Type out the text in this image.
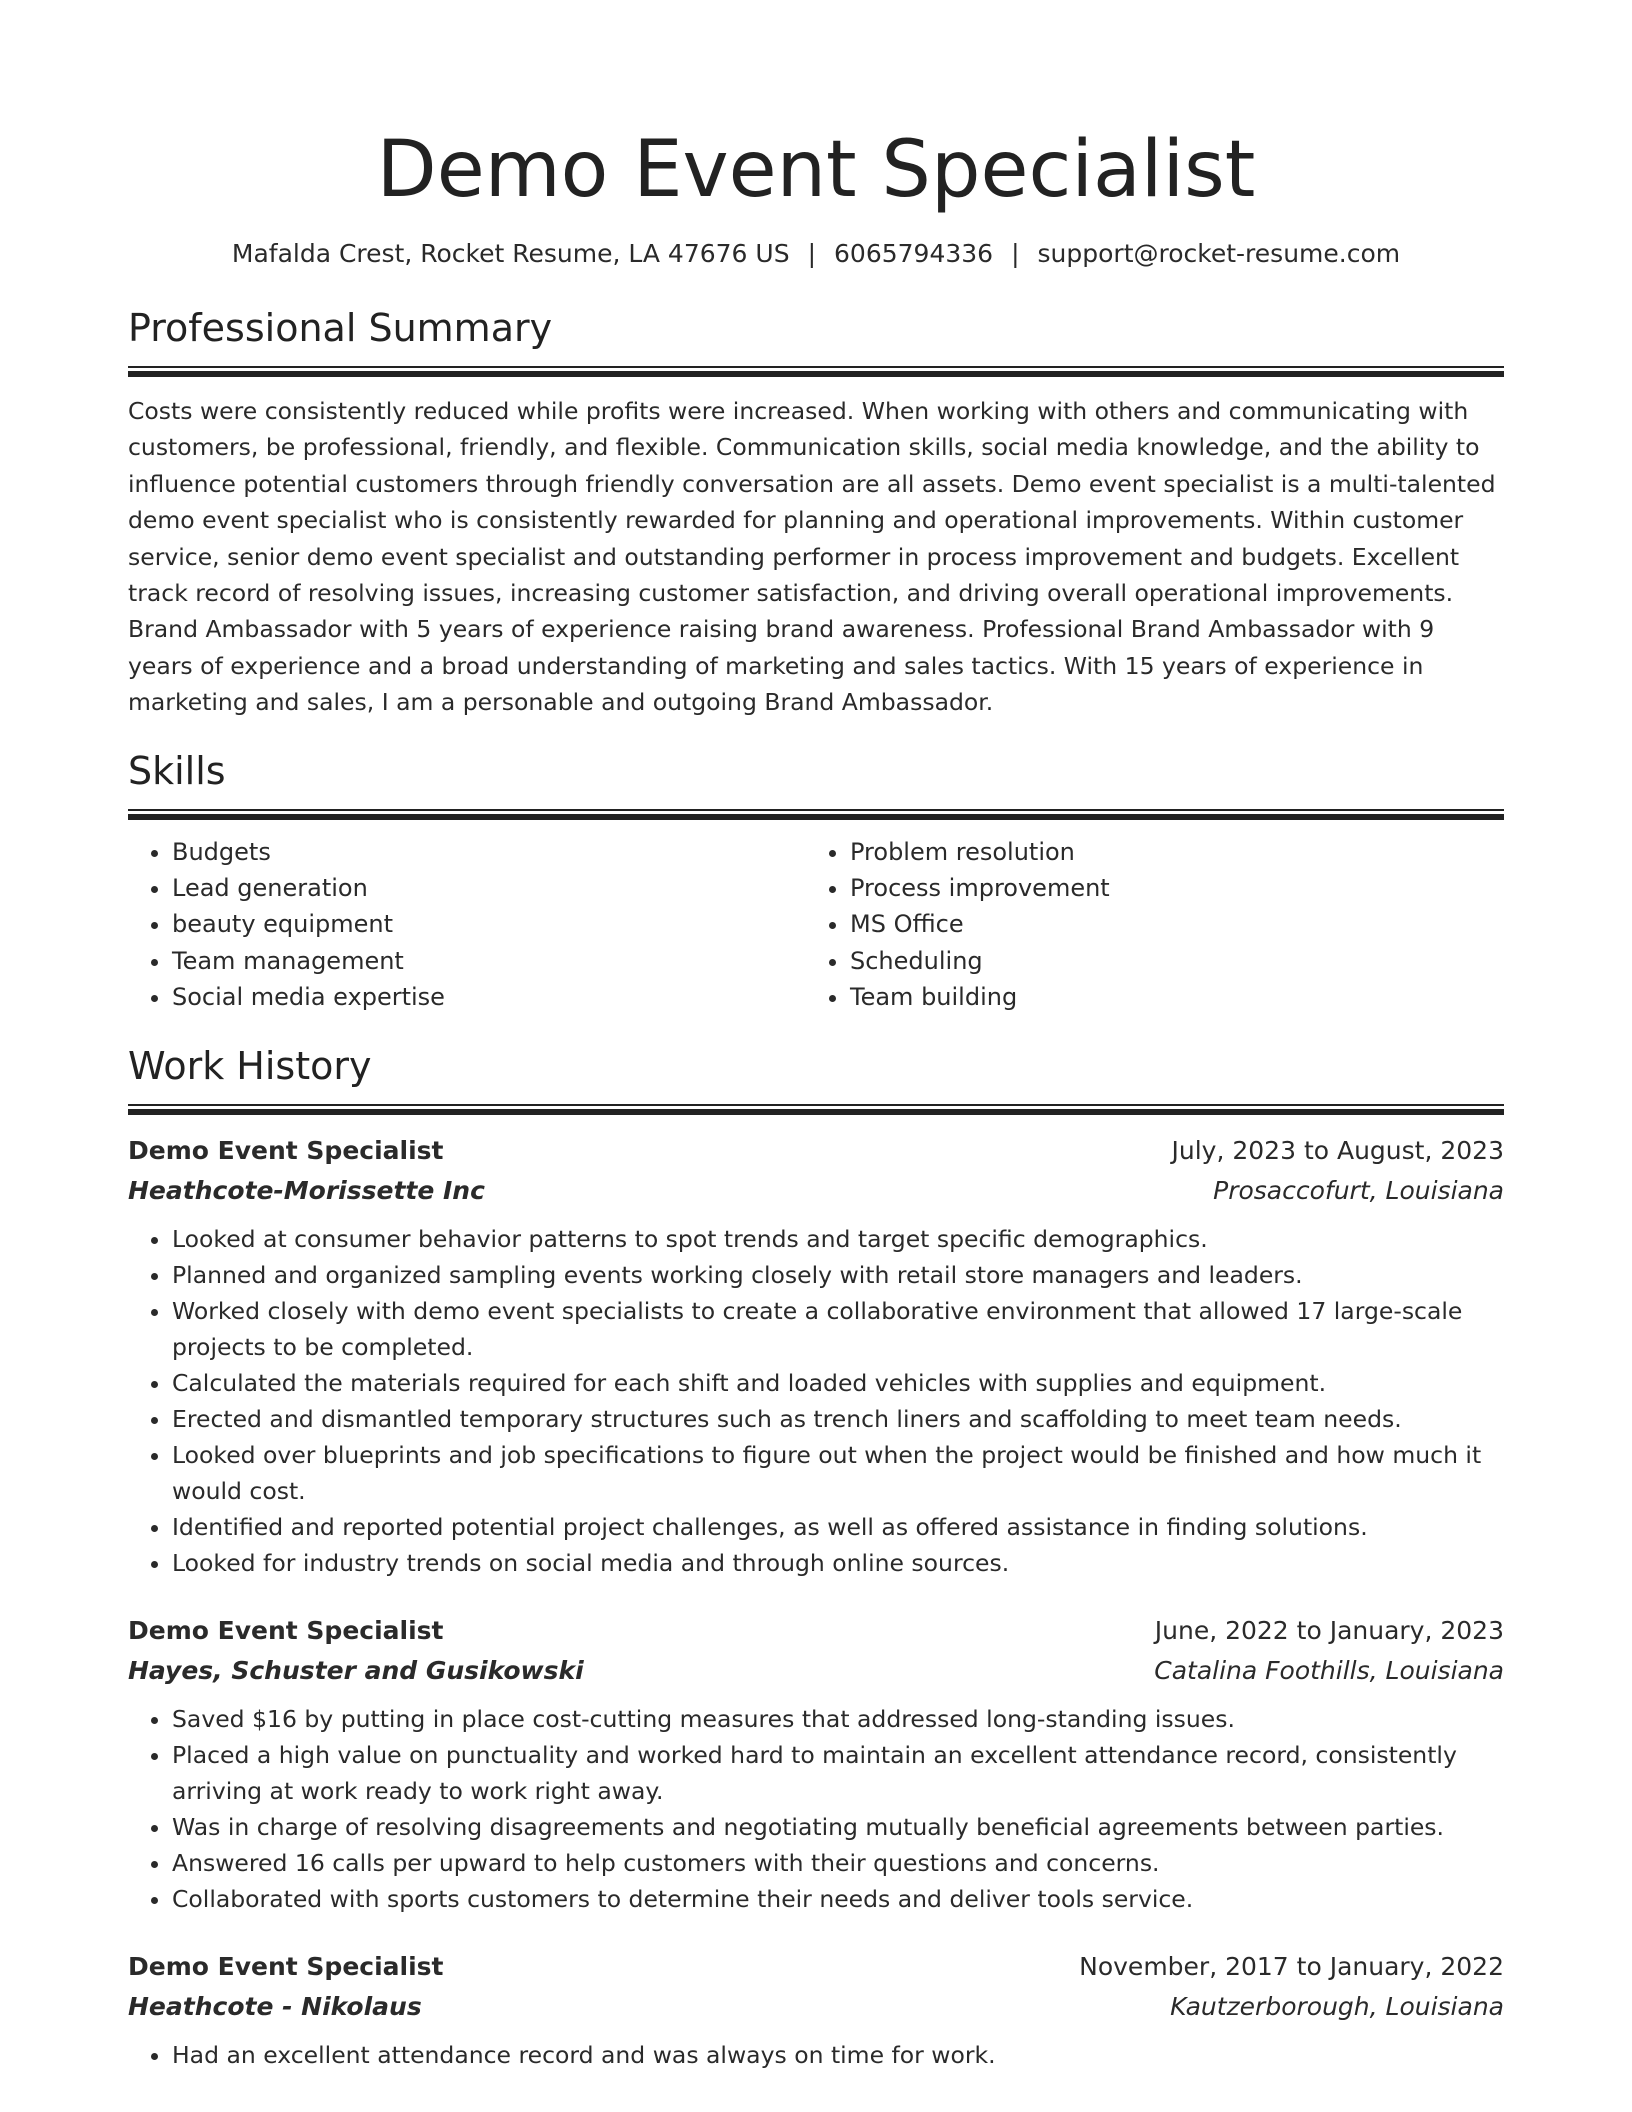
Demo Event Specialist
Mafalda Crest, Rocket Resume, LA 47676 US | 6065794336 | support@rocket-resume.com
Professional Summary
Costs were consistently reduced while profits were increased. When working with others and communicating with customers, be professional, friendly, and flexible. Communication skills, social media knowledge, and the ability to influence potential customers through friendly conversation are all assets. Demo event specialist is a multi-talented demo event specialist who is consistently rewarded for planning and operational improvements. Within customer service, senior demo event specialist and outstanding performer in process improvement and budgets. Excellent track record of resolving issues, increasing customer satisfaction, and driving overall operational improvements. Brand Ambassador with 5 years of experience raising brand awareness. Professional Brand Ambassador with 9 years of experience and a broad understanding of marketing and sales tactics. With 15 years of experience in marketing and sales, I am a personable and outgoing Brand Ambassador.
Skills
• Budgets
• Lead generation
• beauty equipment
• Team management
• Social media expertise
• Problem resolution
• Process improvement
• MS Office
• Scheduling
• Team building
Work History
Demo Event Specialist	July, 2023 to August, 2023
Heathcote-Morissette Inc	Prosaccofurt, Louisiana
• Looked at consumer behavior patterns to spot trends and target specific demographics.
• Planned and organized sampling events working closely with retail store managers and leaders.
• Worked closely with demo event specialists to create a collaborative environment that allowed 17 large-scale projects to be completed.
• Calculated the materials required for each shift and loaded vehicles with supplies and equipment.
• Erected and dismantled temporary structures such as trench liners and scaffolding to meet team needs.
• Looked over blueprints and job specifications to figure out when the project would be finished and how much it would cost.
• Identified and reported potential project challenges, as well as offered assistance in finding solutions.
• Looked for industry trends on social media and through online sources.
Demo Event Specialist	June, 2022 to January, 2023
Hayes, Schuster and Gusikowski	Catalina Foothills, Louisiana
• Saved $16 by putting in place cost-cutting measures that addressed long-standing issues.
• Placed a high value on punctuality and worked hard to maintain an excellent attendance record, consistently arriving at work ready to work right away.
• Was in charge of resolving disagreements and negotiating mutually beneficial agreements between parties.
• Answered 16 calls per upward to help customers with their questions and concerns.
• Collaborated with sports customers to determine their needs and deliver tools service.
Demo Event Specialist	November, 2017 to January, 2022
Heathcote - Nikolaus	Kautzerborough, Louisiana
• Had an excellent attendance record and was always on time for work.
